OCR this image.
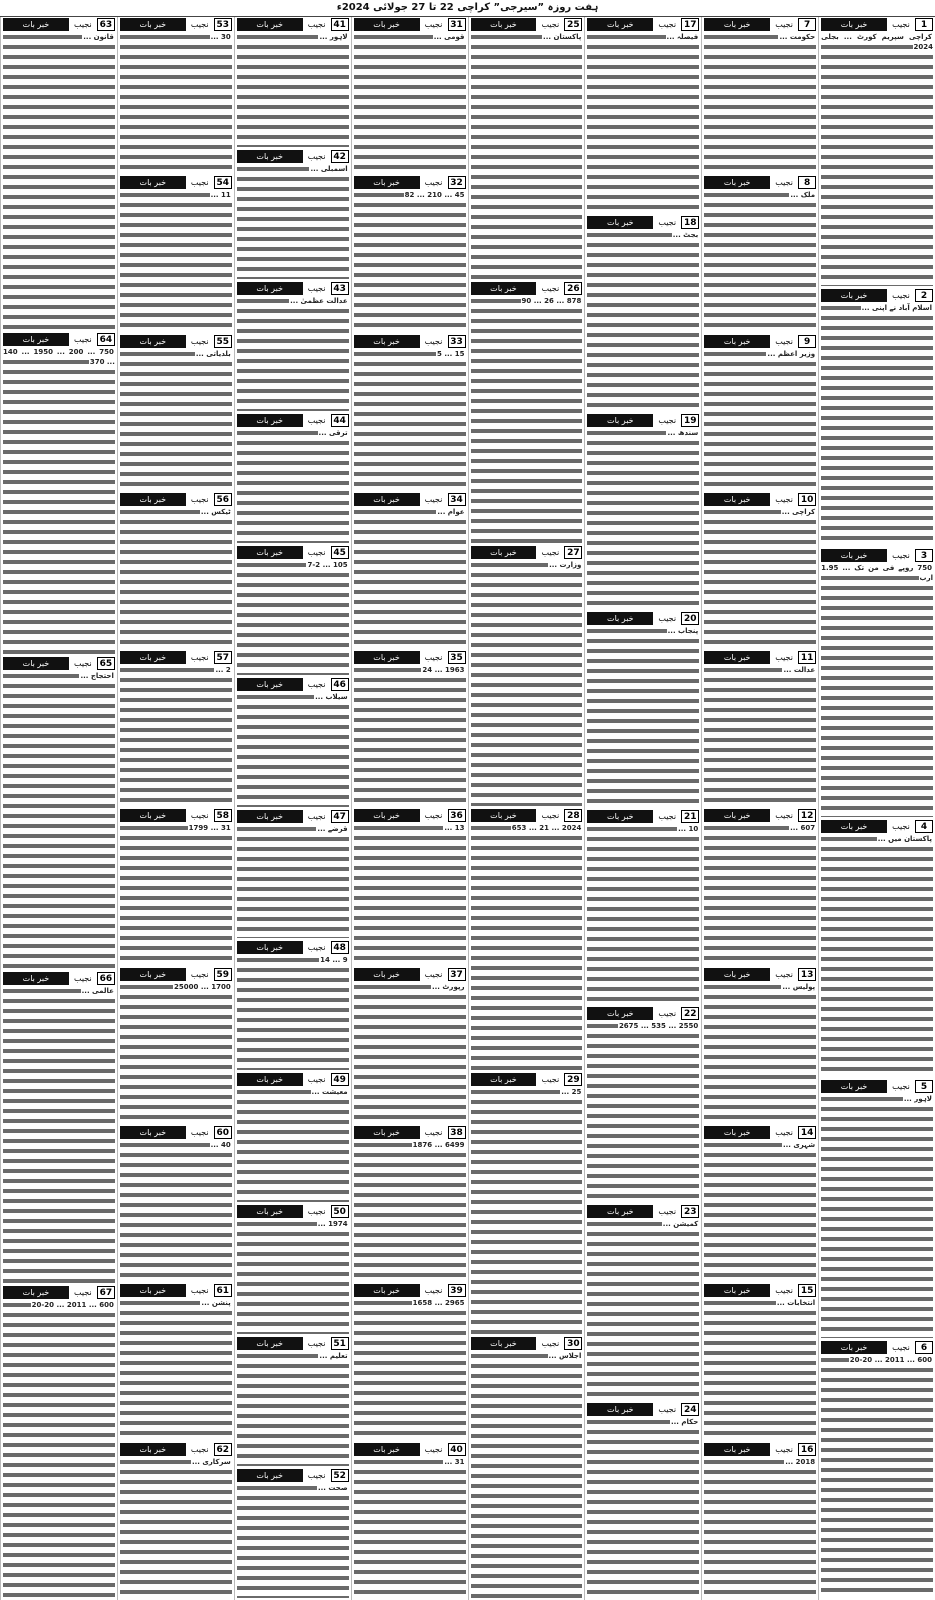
ہفت روزہ ”سیرجی” کراچی 22 تا 27 جولائی 2024ء
1
نجیب
خبر بات
کراچی سپریم کورٹ ... بجلی 2024
2
نجیب
خبر بات
اسلام آباد نے اپنی ...
3
نجیب
خبر بات
750 روپے فی من تک ... 1.95 ارب
4
نجیب
خبر بات
پاکستان میں ...
5
نجیب
خبر بات
لاہور ...
6
نجیب
خبر بات
600 ... 2011 ... 20-20
7
نجیب
خبر بات
حکومت ...
8
نجیب
خبر بات
ملک ...
9
نجیب
خبر بات
وزیر اعظم ...
10
نجیب
خبر بات
کراچی ...
11
نجیب
خبر بات
عدالت ...
12
نجیب
خبر بات
607 ...
13
نجیب
خبر بات
پولیس ...
14
نجیب
خبر بات
شہری ...
15
نجیب
خبر بات
انتخابات ...
16
نجیب
خبر بات
2018 ...
17
نجیب
خبر بات
فیصلہ ...
18
نجیب
خبر بات
بجٹ ...
19
نجیب
خبر بات
سندھ ...
20
نجیب
خبر بات
پنجاب ...
21
نجیب
خبر بات
10 ...
22
نجیب
خبر بات
2550 ... 535 ... 2675
23
نجیب
خبر بات
کمیشن ...
24
نجیب
خبر بات
حکام ...
25
نجیب
خبر بات
پاکستان ...
26
نجیب
خبر بات
878 ... 26 ... 90
27
نجیب
خبر بات
وزارت ...
28
نجیب
خبر بات
2024 ... 21 ... 653
29
نجیب
خبر بات
25 ...
30
نجیب
خبر بات
اجلاس ...
31
نجیب
خبر بات
قومی ...
32
نجیب
خبر بات
45 ... 210 ... 82
33
نجیب
خبر بات
15 ... 5
34
نجیب
خبر بات
عوام ...
35
نجیب
خبر بات
1963 ... 24
36
نجیب
خبر بات
13 ...
37
نجیب
خبر بات
رپورٹ ...
38
نجیب
خبر بات
6499 ... 1876
39
نجیب
خبر بات
2965 ... 1658
40
نجیب
خبر بات
31 ...
41
نجیب
خبر بات
لاہور ...
42
نجیب
خبر بات
اسمبلی ...
43
نجیب
خبر بات
عدالت عظمیٰ ...
44
نجیب
خبر بات
ترقی ...
45
نجیب
خبر بات
105 ... 7-2
46
نجیب
خبر بات
سیلاب ...
47
نجیب
خبر بات
قرضے ...
48
نجیب
خبر بات
9 ... 14
49
نجیب
خبر بات
معیشت ...
50
نجیب
خبر بات
1974 ...
51
نجیب
خبر بات
تعلیم ...
52
نجیب
خبر بات
صحت ...
53
نجیب
خبر بات
30 ...
54
نجیب
خبر بات
11 ...
55
نجیب
خبر بات
بلدیاتی ...
56
نجیب
خبر بات
ٹیکس ...
57
نجیب
خبر بات
2 ...
58
نجیب
خبر بات
31 ... 1799
59
نجیب
خبر بات
1700 ... 25000
60
نجیب
خبر بات
40 ...
61
نجیب
خبر بات
پنشن ...
62
نجیب
خبر بات
سرکاری ...
63
نجیب
خبر بات
قانون ...
64
نجیب
خبر بات
750 ... 200 ... 1950 ... 140 ... 370
65
نجیب
خبر بات
احتجاج ...
66
نجیب
خبر بات
عالمی ...
67
نجیب
خبر بات
600 ... 2011 ... 20-20
